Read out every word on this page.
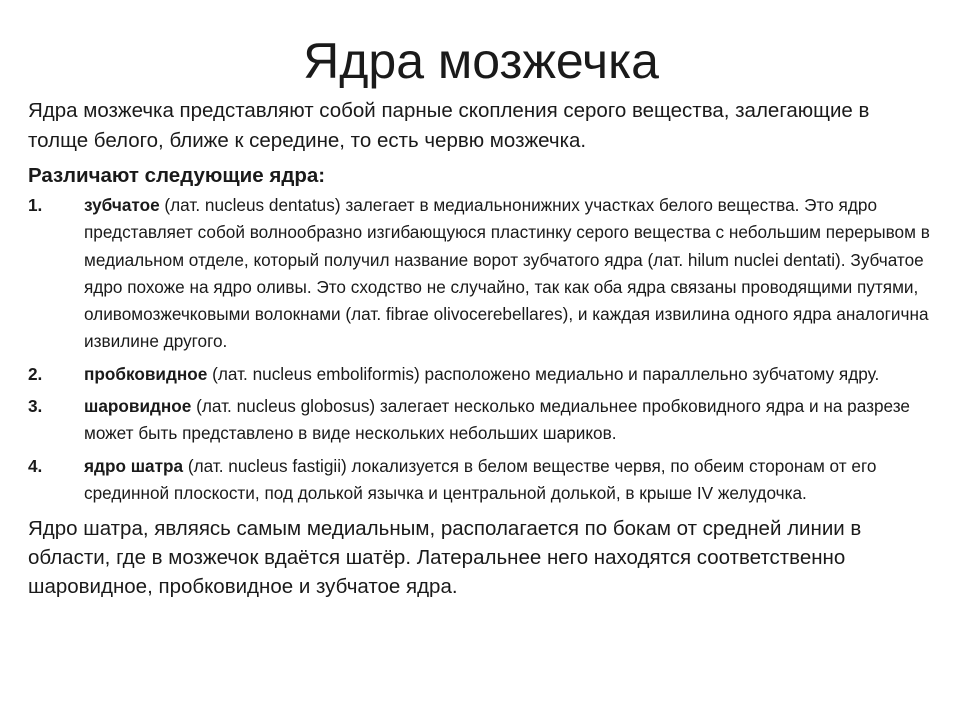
Ядра мозжечка

Ядра мозжечка представляют собой парные скопления серого вещества, залегающие в толще белого, ближе к середине, то есть червю мозжечка.

Различают следующие ядра:

1. зубчатое (лат. nucleus dentatus) залегает в медиальнонижних участках белого вещества. Это ядро представляет собой волнообразно изгибающуюся пластинку серого вещества с небольшим перерывом в медиальном отделе, который получил название ворот зубчатого ядра (лат. hilum nuclei dentati). Зубчатое ядро похоже на ядро оливы. Это сходство не случайно, так как оба ядра связаны проводящими путями, оливомозжечковыми волокнами (лат. fibrae olivocerebellares), и каждая извилина одного ядра аналогична извилине другого.
2. пробковидное (лат. nucleus emboliformis) расположено медиально и параллельно зубчатому ядру.
3. шаровидное (лат. nucleus globosus) залегает несколько медиальнее пробковидного ядра и на разрезе может быть представлено в виде нескольких небольших шариков.
4. ядро шатра (лат. nucleus fastigii) локализуется в белом веществе червя, по обеим сторонам от его срединной плоскости, под долькой язычка и центральной долькой, в крыше IV желудочка.

Ядро шатра, являясь самым медиальным, располагается по бокам от средней линии в области, где в мозжечок вдаётся шатёр. Латеральнее него находятся соответственно шаровидное, пробковидное и зубчатое ядра.
